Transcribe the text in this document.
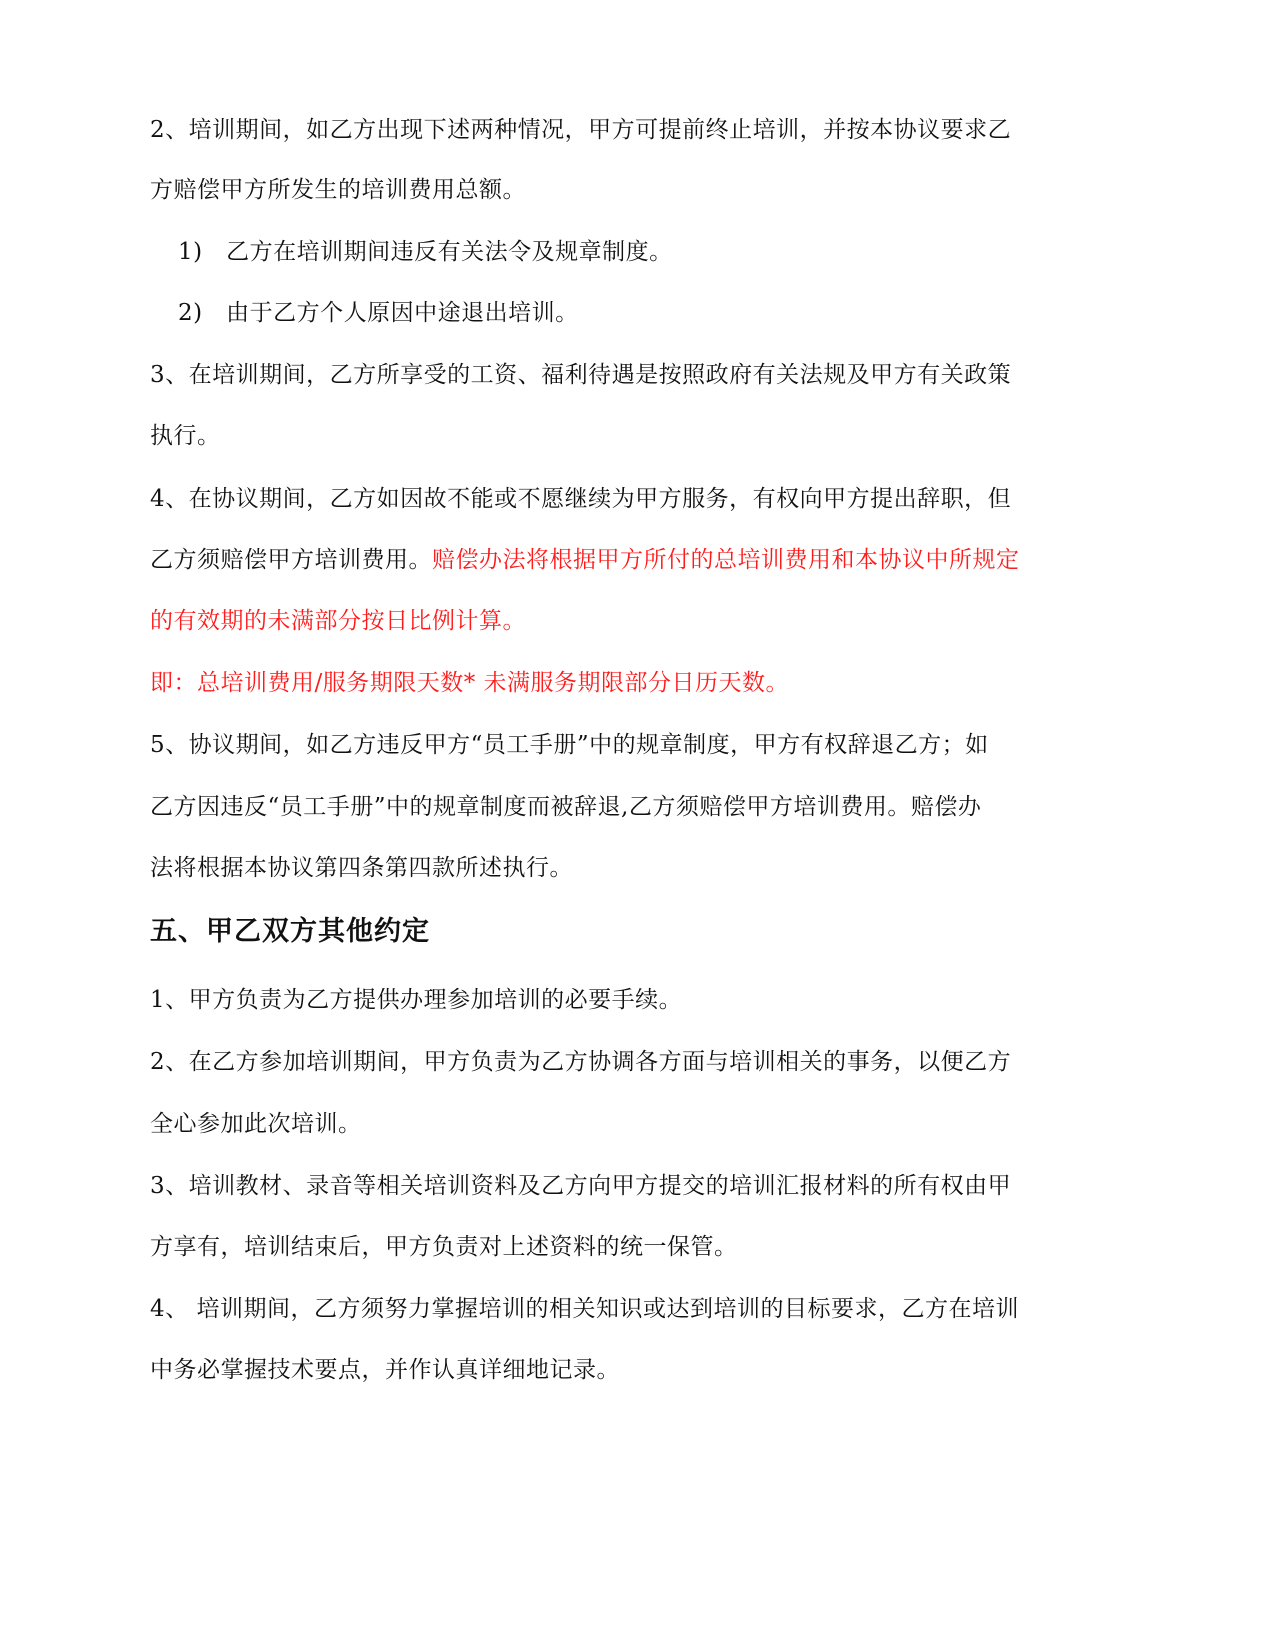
2、培训期间，如乙方出现下述两种情况，甲方可提前终止培训，并按本协议要求乙
方赔偿甲方所发生的培训费用总额。
1)　乙方在培训期间违反有关法令及规章制度。
2)　由于乙方个人原因中途退出培训。
3、在培训期间，乙方所享受的工资、福利待遇是按照政府有关法规及甲方有关政策
执行。
4、在协议期间，乙方如因故不能或不愿继续为甲方服务，有权向甲方提出辞职，但
乙方须赔偿甲方培训费用。赔偿办法将根据甲方所付的总培训费用和本协议中所规定
的有效期的未满部分按日比例计算。
即：总培训费用/服务期限天数* 未满服务期限部分日历天数。
5、协议期间，如乙方违反甲方“员工手册”中的规章制度，甲方有权辞退乙方；如
乙方因违反“员工手册”中的规章制度而被辞退,乙方须赔偿甲方培训费用。赔偿办
法将根据本协议第四条第四款所述执行。
五、甲乙双方其他约定
1、甲方负责为乙方提供办理参加培训的必要手续。
2、在乙方参加培训期间，甲方负责为乙方协调各方面与培训相关的事务，以便乙方
全心参加此次培训。
3、培训教材、录音等相关培训资料及乙方向甲方提交的培训汇报材料的所有权由甲
方享有，培训结束后，甲方负责对上述资料的统一保管。
4、 培训期间，乙方须努力掌握培训的相关知识或达到培训的目标要求，乙方在培训
中务必掌握技术要点，并作认真详细地记录。
